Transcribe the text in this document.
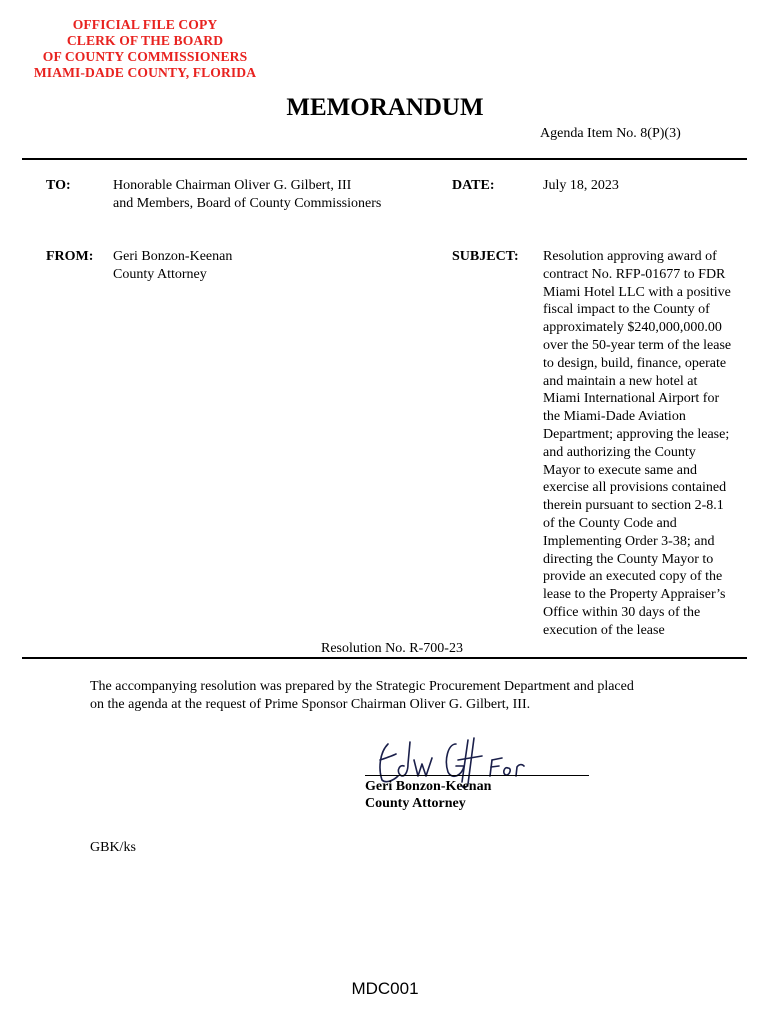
OFFICIAL FILE COPY
CLERK OF THE BOARD
OF COUNTY COMMISSIONERS
MIAMI-DADE COUNTY, FLORIDA
MEMORANDUM
Agenda Item No. 8(P)(3)
TO:	Honorable Chairman Oliver G. Gilbert, III
and Members, Board of County Commissioners
DATE:	July 18, 2023
FROM: Geri Bonzon-Keenan
County Attorney
SUBJECT: Resolution approving award of
contract No. RFP-01677 to FDR
Miami Hotel LLC with a positive
fiscal impact to the County of
approximately $240,000,000.00
over the 50-year term of the lease
to design, build, finance, operate
and maintain a new hotel at
Miami International Airport for
the Miami-Dade Aviation
Department; approving the lease;
and authorizing the County
Mayor to execute same and
exercise all provisions contained
therein pursuant to section 2-8.1
of the County Code and
Implementing Order 3-38; and
directing the County Mayor to
provide an executed copy of the
lease to the Property Appraiser’s
Office within 30 days of the
execution of the lease
Resolution No. R-700-23
The accompanying resolution was prepared by the Strategic Procurement Department and placed
on the agenda at the request of Prime Sponsor Chairman Oliver G. Gilbert, III.
Geri Bonzon-Keenan
County Attorney
GBK/ks
MDC001
